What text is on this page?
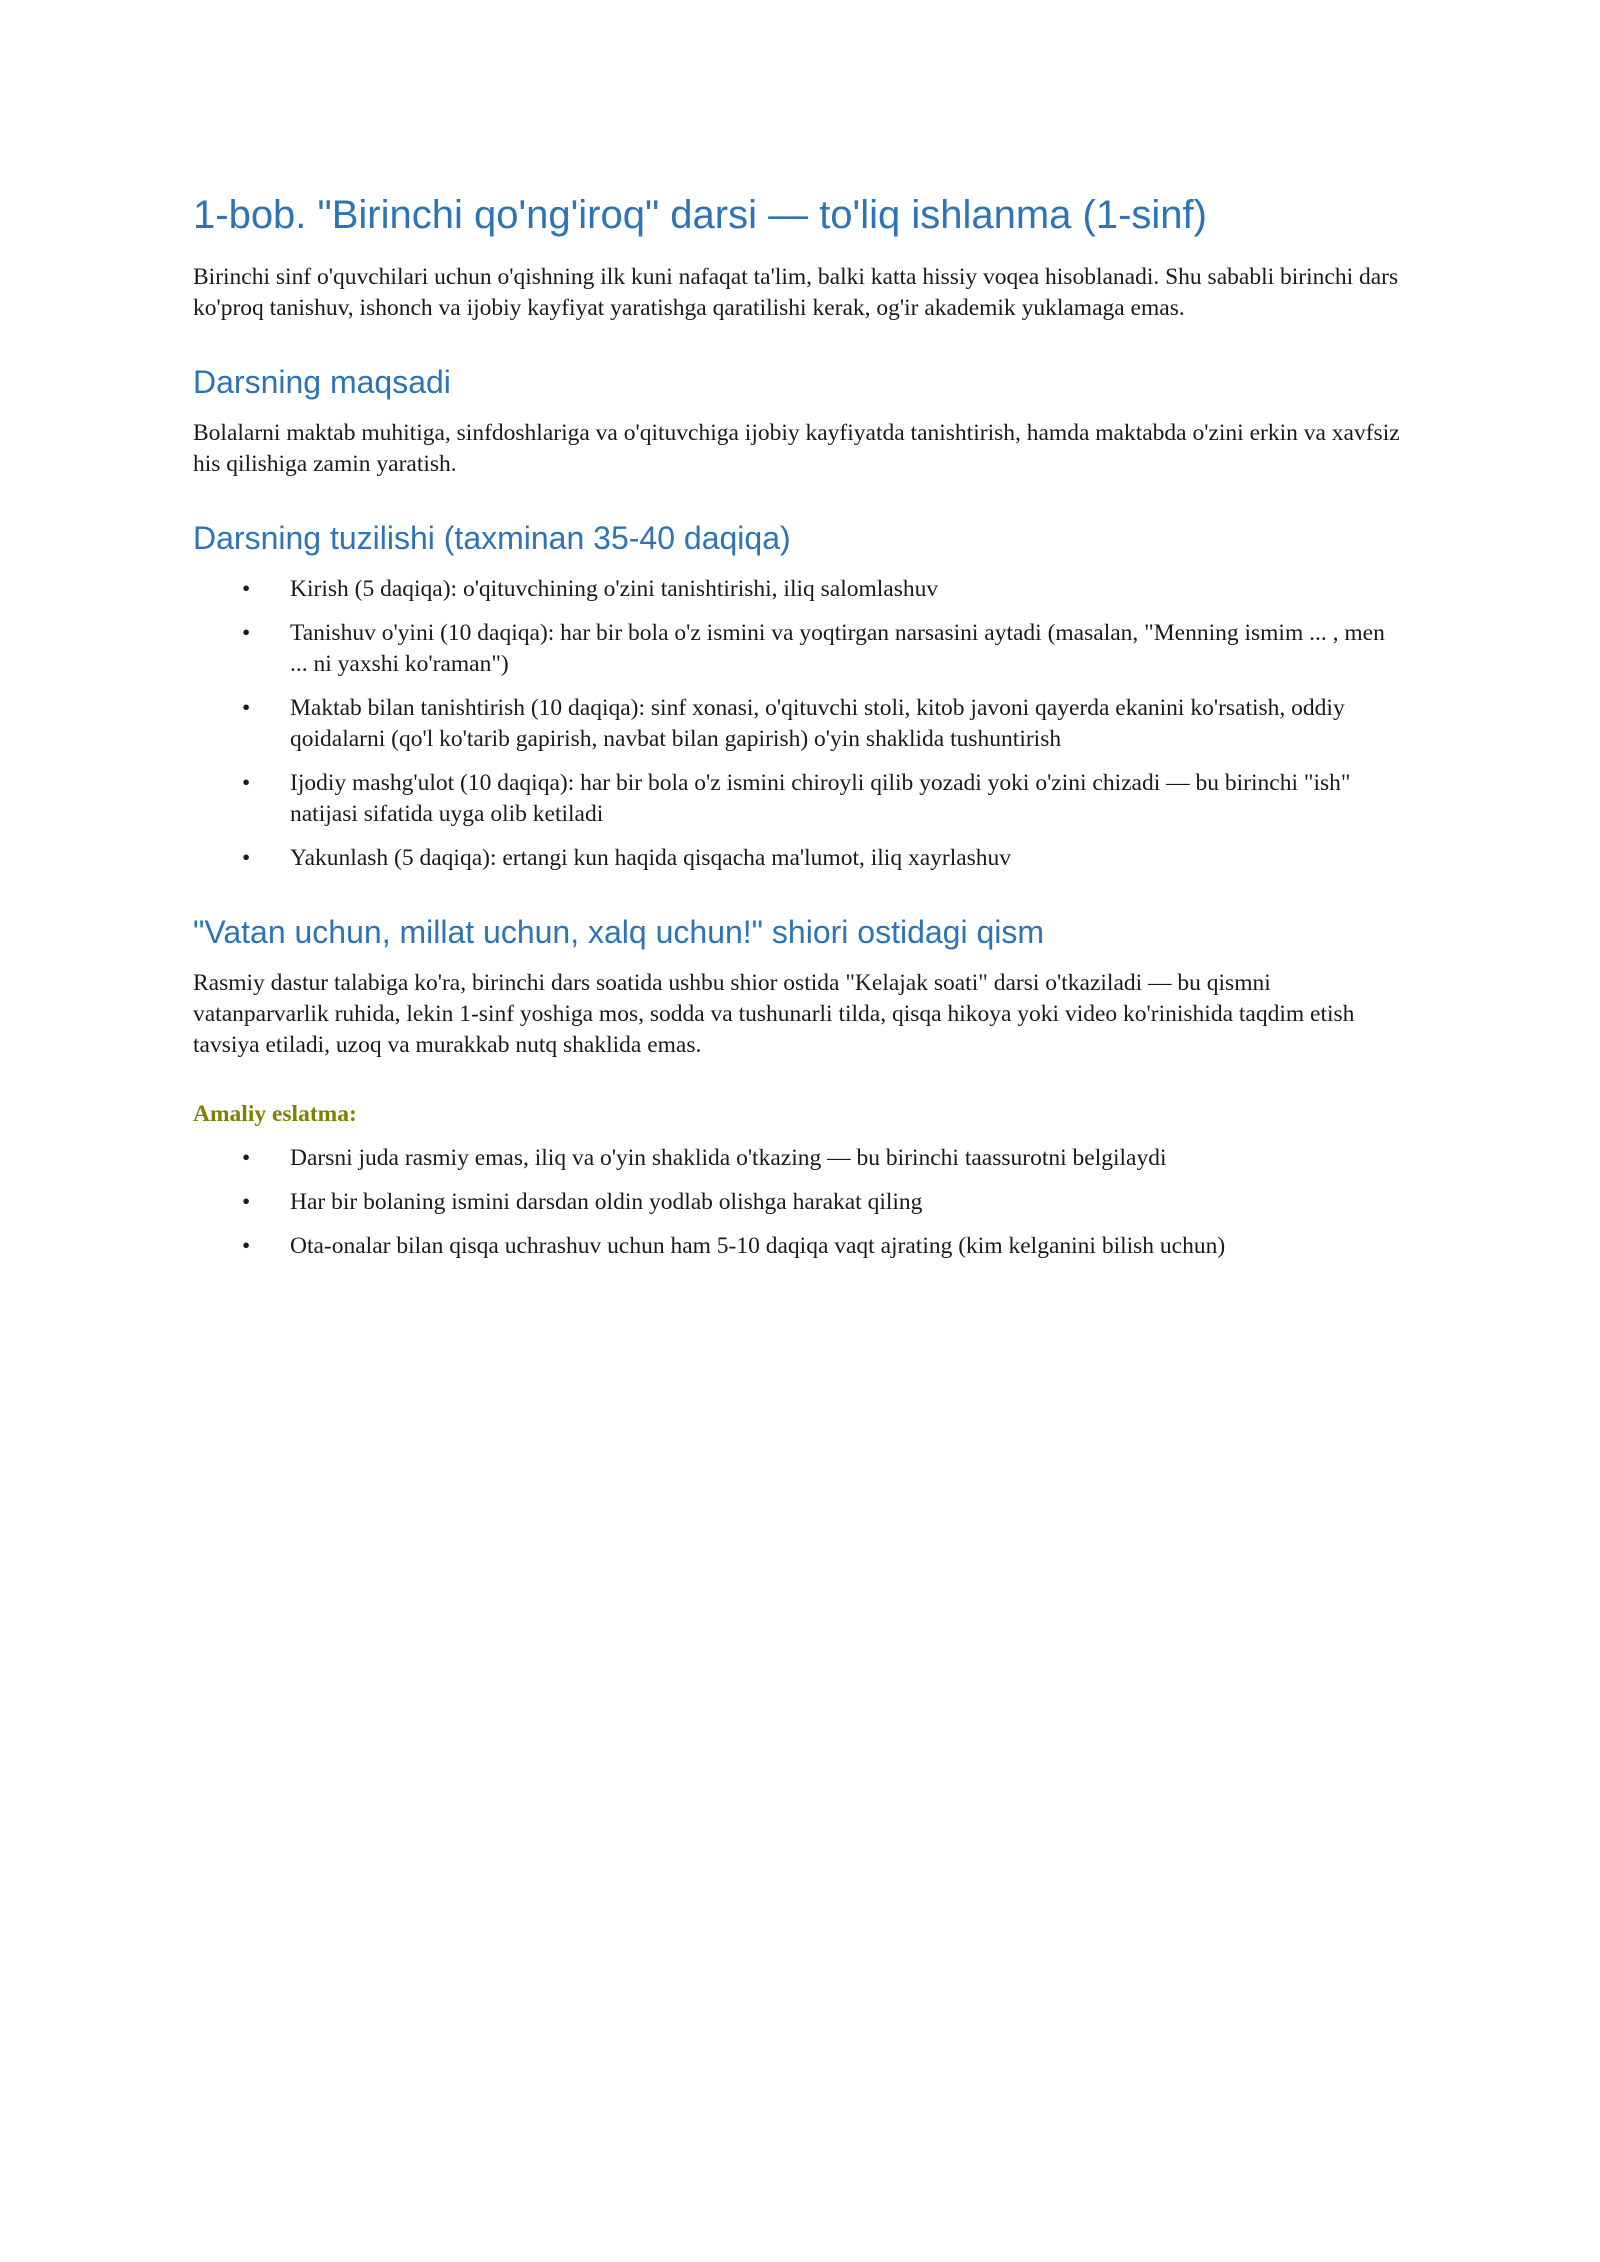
1-bob. "Birinchi qo'ng'iroq" darsi — to'liq ishlanma (1-sinf)

Birinchi sinf o'quvchilari uchun o'qishning ilk kuni nafaqat ta'lim, balki katta hissiy voqea hisoblanadi. Shu sababli birinchi dars ko'proq tanishuv, ishonch va ijobiy kayfiyat yaratishga qaratilishi kerak, og'ir akademik yuklamaga emas.

Darsning maqsadi

Bolalarni maktab muhitiga, sinfdoshlariga va o'qituvchiga ijobiy kayfiyatda tanishtirish, hamda maktabda o'zini erkin va xavfsiz his qilishiga zamin yaratish.

Darsning tuzilishi (taxminan 35-40 daqiqa)
• Kirish (5 daqiqa): o'qituvchining o'zini tanishtirishi, iliq salomlashuv
• Tanishuv o'yini (10 daqiqa): har bir bola o'z ismini va yoqtirgan narsasini aytadi (masalan, "Menning ismim ... , men ... ni yaxshi ko'raman")
• Maktab bilan tanishtirish (10 daqiqa): sinf xonasi, o'qituvchi stoli, kitob javoni qayerda ekanini ko'rsatish, oddiy qoidalarni (qo'l ko'tarib gapirish, navbat bilan gapirish) o'yin shaklida tushuntirish
• Ijodiy mashg'ulot (10 daqiqa): har bir bola o'z ismini chiroyli qilib yozadi yoki o'zini chizadi — bu birinchi "ish" natijasi sifatida uyga olib ketiladi
• Yakunlash (5 daqiqa): ertangi kun haqida qisqacha ma'lumot, iliq xayrlashuv
"Vatan uchun, millat uchun, xalq uchun!" shiori ostidagi qism

Rasmiy dastur talabiga ko'ra, birinchi dars soatida ushbu shior ostida "Kelajak soati" darsi o'tkaziladi — bu qismni vatanparvarlik ruhida, lekin 1-sinf yoshiga mos, sodda va tushunarli tilda, qisqa hikoya yoki video ko'rinishida taqdim etish tavsiya etiladi, uzoq va murakkab nutq shaklida emas.

Amaliy eslatma:
• Darsni juda rasmiy emas, iliq va o'yin shaklida o'tkazing — bu birinchi taassurotni belgilaydi
• Har bir bolaning ismini darsdan oldin yodlab olishga harakat qiling
• Ota-onalar bilan qisqa uchrashuv uchun ham 5-10 daqiqa vaqt ajrating (kim kelganini bilish uchun)
